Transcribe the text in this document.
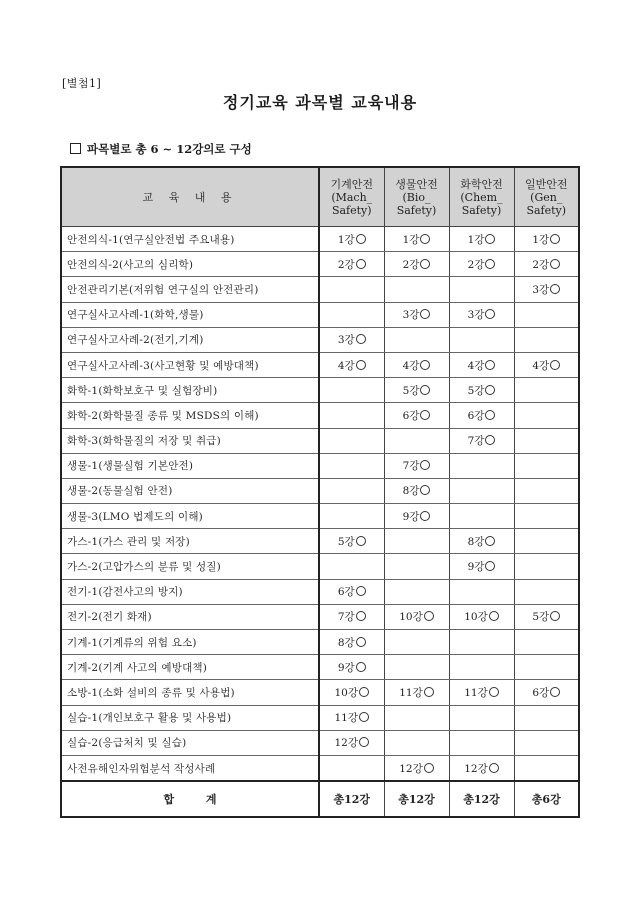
[별첨1]
정기교육 과목별 교육내용
파목별로 총 6 ~ 12강의로 구성
교 육 내 용	기계안전
(Mach_
Safety)	생물안전
(Bio_
Safety)	화학안전
(Chem_
Safety)	일반안전
(Gen_
Safety)

안전의식-1(연구실안전법 주요내용)	1강	1강	1강	1강
안전의식-2(사고의 심리학)	2강	2강	2강	2강
안전관리기본(저위험 연구실의 안전관리)				3강
연구실사고사례-1(화학,생물)		3강	3강	
연구실사고사례-2(전기,기계)	3강			
연구실사고사례-3(사고현황 및 예방대책)	4강	4강	4강	4강
화학-1(화학보호구 및 실험장비)		5강	5강	
화학-2(화학물질 종류 및 MSDS의 이해)		6강	6강	
화학-3(화학물질의 저장 및 취급)			7강	
생물-1(생물실험 기본안전)		7강		
생물-2(동물실험 안전)		8강		
생물-3(LMO 법제도의 이해)		9강		
가스-1(가스 관리 및 저장)	5강		8강	
가스-2(고압가스의 분류 및 성질)			9강	
전기-1(감전사고의 방지)	6강			
전기-2(전기 화재)	7강	10강	10강	5강
기계-1(기계류의 위험 요소)	8강			
기계-2(기계 사고의 예방대책)	9강			
소방-1(소화 설비의 종류 및 사용법)	10강	11강	11강	6강
실습-1(개인보호구 활용 및 사용법)	11강			
실습-2(응급처치 및 실습)	12강			
사전유해인자위험분석 작성사례		12강	12강	
합 계	총12강	총12강	총12강	총6강
